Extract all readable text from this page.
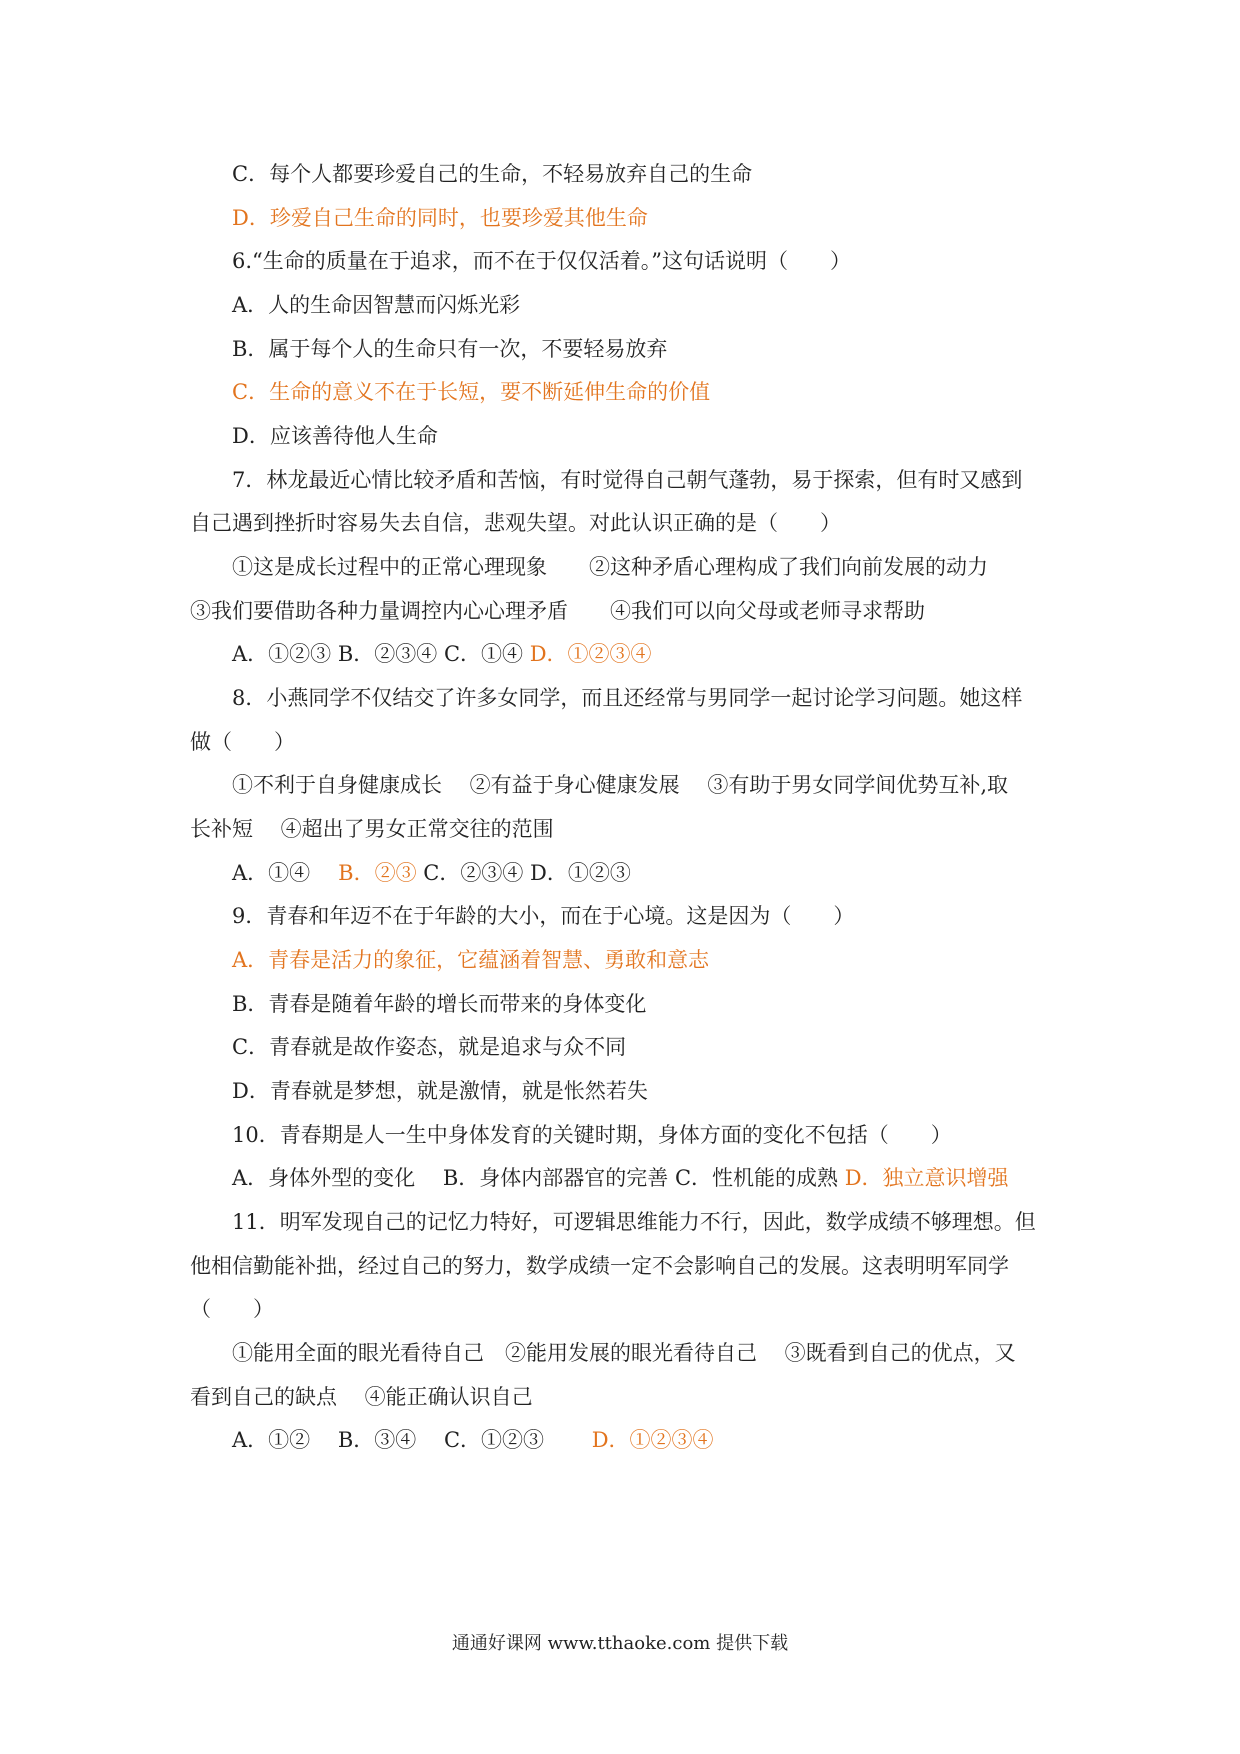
C．每个人都要珍爱自己的生命，不轻易放弃自己的生命
D．珍爱自己生命的同时，也要珍爱其他生命
6.“生命的质量在于追求，而不在于仅仅活着。”这句话说明（　　）
A．人的生命因智慧而闪烁光彩
B．属于每个人的生命只有一次，不要轻易放弃
C．生命的意义不在于长短，要不断延伸生命的价值
D．应该善待他人生命
7．林龙最近心情比较矛盾和苦恼，有时觉得自己朝气蓬勃，易于探索，但有时又感到
自己遇到挫折时容易失去自信，悲观失望。对此认识正确的是（　　）
①这是成长过程中的正常心理现象　　②这种矛盾心理构成了我们向前发展的动力
③我们要借助各种力量调控内心心理矛盾　　④我们可以向父母或老师寻求帮助
A．①②③ B．②③④ C．①④ D．①②③④
8．小燕同学不仅结交了许多女同学，而且还经常与男同学一起讨论学习问题。她这样
做（　　）
①不利于自身健康成长　 ②有益于身心健康发展　 ③有助于男女同学间优势互补,取
长补短　 ④超出了男女正常交往的范围
A．①④ B．②③ C．②③④ D．①②③
9．青春和年迈不在于年龄的大小，而在于心境。这是因为（　　）
A．青春是活力的象征，它蕴涵着智慧、勇敢和意志
B．青春是随着年龄的增长而带来的身体变化
C．青春就是故作姿态，就是追求与众不同
D．青春就是梦想，就是激情，就是怅然若失
10．青春期是人一生中身体发育的关键时期，身体方面的变化不包括（　　）
A．身体外型的变化　 B．身体内部器官的完善 C．性机能的成熟 D．独立意识增强
11．明军发现自己的记忆力特好，可逻辑思维能力不行，因此，数学成绩不够理想。但
他相信勤能补拙，经过自己的努力，数学成绩一定不会影响自己的发展。这表明明军同学
（　　）
①能用全面的眼光看待自己　②能用发展的眼光看待自己　 ③既看到自己的优点，又
看到自己的缺点　 ④能正确认识自己
A．①②　 B．③④　 C．①②③　 D．①②③④
通通好课网 www.tthaoke.com 提供下载
